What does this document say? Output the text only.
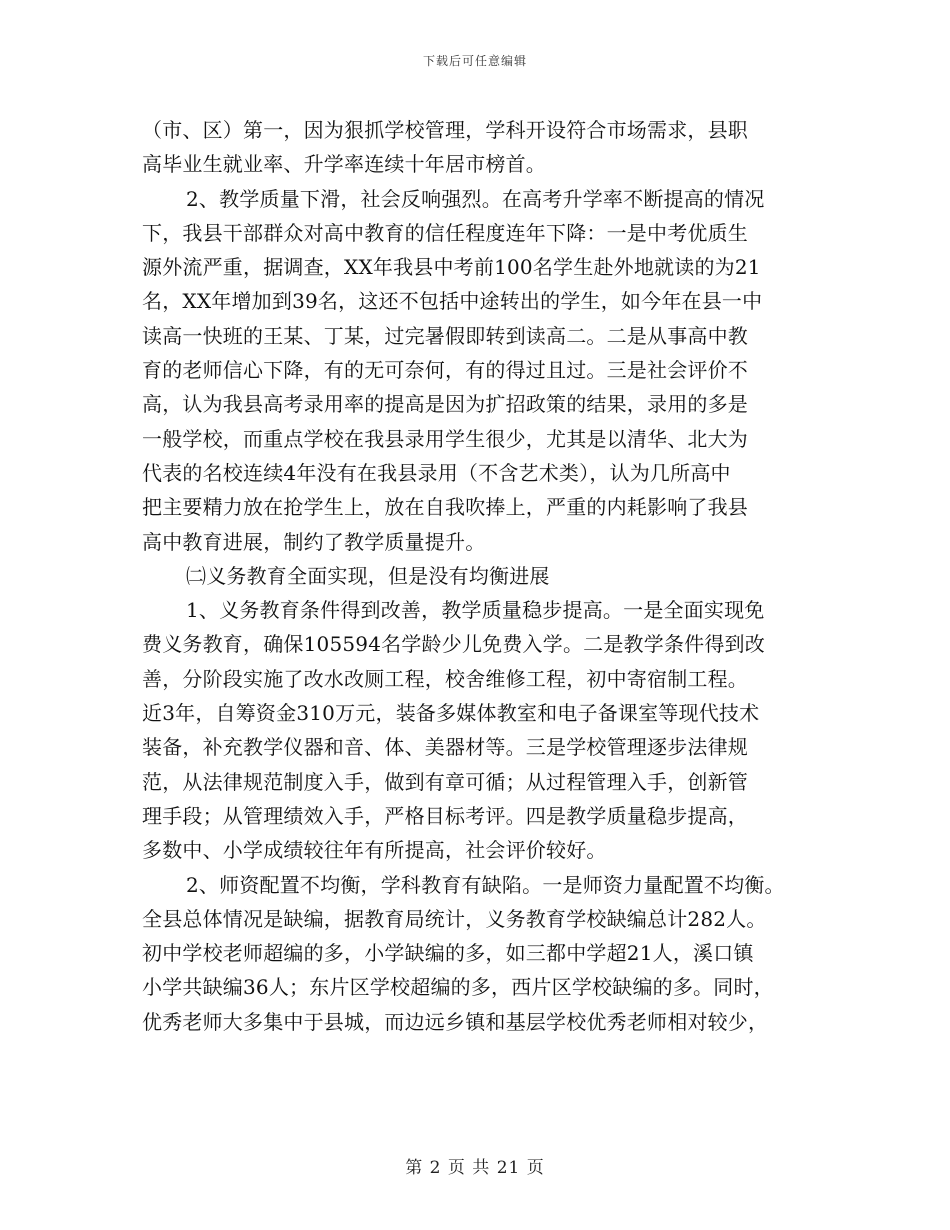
下载后可任意编辑
（市、区）第一，因为狠抓学校管理，学科开设符合市场需求，县职
高毕业生就业率、升学率连续十年居市榜首。
2、教学质量下滑，社会反响强烈。在高考升学率不断提高的情况
下，我县干部群众对高中教育的信任程度连年下降：一是中考优质生
源外流严重，据调查，XX年我县中考前100名学生赴外地就读的为21
名，XX年增加到39名，这还不包括中途转出的学生，如今年在县一中
读高一快班的王某、丁某，过完暑假即转到读高二。二是从事高中教
育的老师信心下降，有的无可奈何，有的得过且过。三是社会评价不
高，认为我县高考录用率的提高是因为扩招政策的结果，录用的多是
一般学校，而重点学校在我县录用学生很少，尤其是以清华、北大为
代表的名校连续4年没有在我县录用（不含艺术类），认为几所高中
把主要精力放在抢学生上，放在自我吹捧上，严重的内耗影响了我县
高中教育进展，制约了教学质量提升。
㈡义务教育全面实现，但是没有均衡进展
1、义务教育条件得到改善，教学质量稳步提高。一是全面实现免
费义务教育，确保105594名学龄少儿免费入学。二是教学条件得到改
善，分阶段实施了改水改厕工程，校舍维修工程，初中寄宿制工程。
近3年，自筹资金310万元，装备多媒体教室和电子备课室等现代技术
装备，补充教学仪器和音、体、美器材等。三是学校管理逐步法律规
范，从法律规范制度入手，做到有章可循；从过程管理入手，创新管
理手段；从管理绩效入手，严格目标考评。四是教学质量稳步提高，
多数中、小学成绩较往年有所提高，社会评价较好。
2、师资配置不均衡，学科教育有缺陷。一是师资力量配置不均衡。
全县总体情况是缺编，据教育局统计，义务教育学校缺编总计282人。
初中学校老师超编的多，小学缺编的多，如三都中学超21人，溪口镇
小学共缺编36人；东片区学校超编的多，西片区学校缺编的多。同时，
优秀老师大多集中于县城，而边远乡镇和基层学校优秀老师相对较少，
第 2 页 共 21 页
